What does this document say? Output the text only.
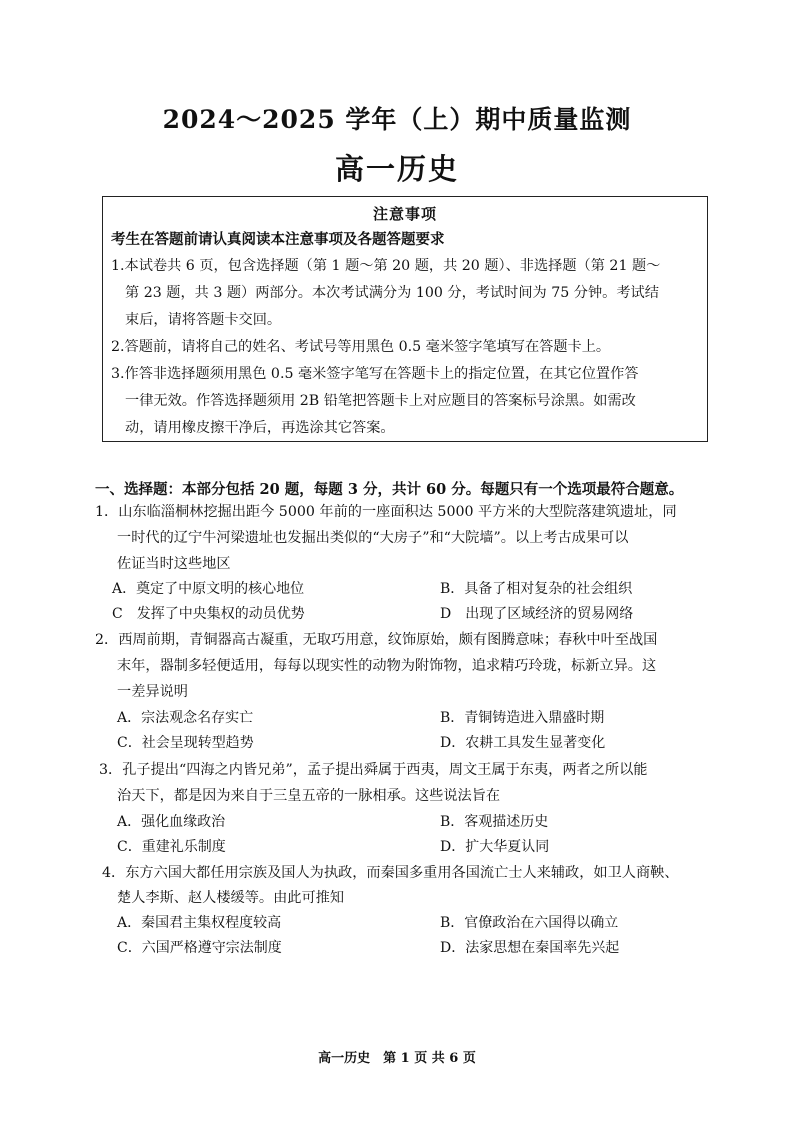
2024～2025 学年（上）期中质量监测
高一历史
注意事项
考生在答题前请认真阅读本注意事项及各题答题要求
1.本试卷共 6 页，包含选择题（第 1 题～第 20 题，共 20 题）、非选择题（第 21 题～
第 23 题，共 3 题）两部分。本次考试满分为 100 分，考试时间为 75 分钟。考试结
束后，请将答题卡交回。
2.答题前，请将自己的姓名、考试号等用黑色 0.5 毫米签字笔填写在答题卡上。
3.作答非选择题须用黑色 0.5 毫米签字笔写在答题卡上的指定位置，在其它位置作答
一律无效。作答选择题须用 2B 铅笔把答题卡上对应题目的答案标号涂黑。如需改
动，请用橡皮擦干净后，再选涂其它答案。
一、选择题：本部分包括 20 题，每题 3 分，共计 60 分。每题只有一个选项最符合题意。
1．山东临淄桐林挖掘出距今 5000 年前的一座面积达 5000 平方米的大型院落建筑遗址，同
一时代的辽宁牛河梁遗址也发掘出类似的“大房子”和“大院墙”。以上考古成果可以
佐证当时这些地区
A．奠定了中原文明的核心地位	B．具备了相对复杂的社会组织
C　发挥了中央集权的动员优势	D　出现了区域经济的贸易网络
2．西周前期，青铜器高古凝重，无取巧用意，纹饰原始，颇有图腾意味；春秋中叶至战国
末年，器制多轻便适用，每每以现实性的动物为附饰物，追求精巧玲珑，标新立异。这
一差异说明
A．宗法观念名存实亡	B．青铜铸造进入鼎盛时期
C．社会呈现转型趋势	D．农耕工具发生显著变化
3．孔子提出“四海之内皆兄弟”，孟子提出舜属于西夷，周文王属于东夷，两者之所以能
治天下，都是因为来自于三皇五帝的一脉相承。这些说法旨在
A．强化血缘政治	B．客观描述历史
C．重建礼乐制度	D．扩大华夏认同
4．东方六国大都任用宗族及国人为执政，而秦国多重用各国流亡士人来辅政，如卫人商鞅、
楚人李斯、赵人楼缓等。由此可推知
A．秦国君主集权程度较高	B．官僚政治在六国得以确立
C．六国严格遵守宗法制度	D．法家思想在秦国率先兴起
高一历史　第 1 页 共 6 页
